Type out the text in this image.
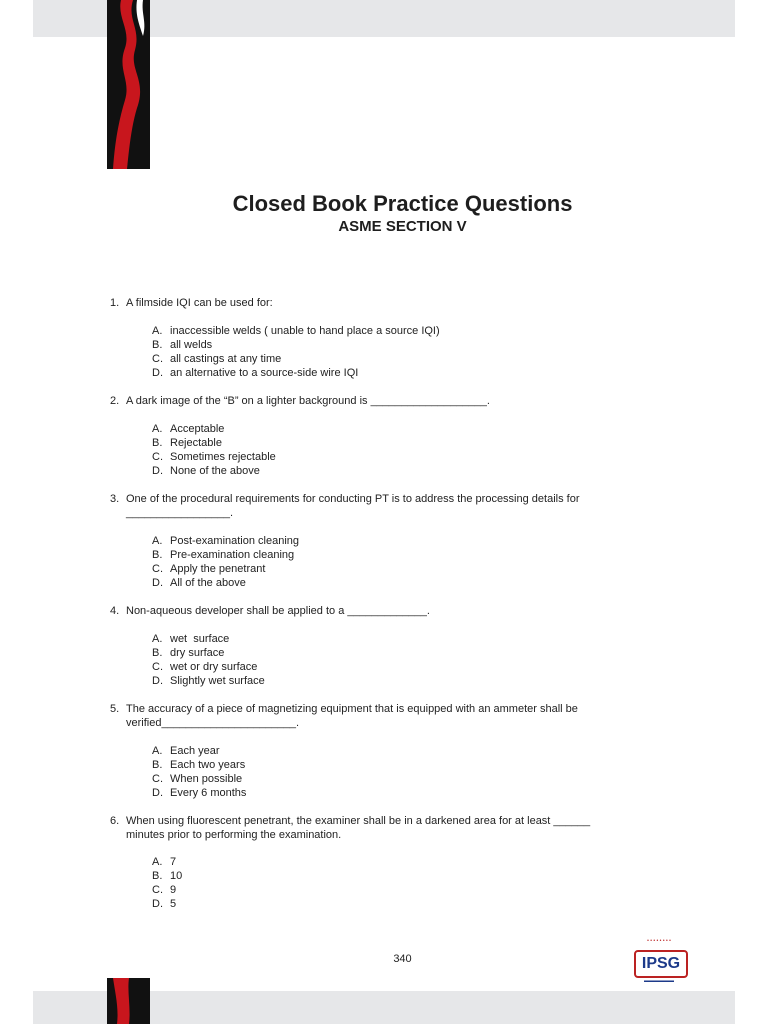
Closed Book Practice Questions
ASME SECTION V
1. A filmside IQI can be used for:
A. inaccessible welds ( unable to hand place a source IQI)
B. all welds
C. all castings at any time
D. an alternative to a source-side wire IQI
2. A dark image of the “B” on a lighter background is ___________________.
A. Acceptable
B. Rejectable
C. Sometimes rejectable
D. None of the above
3. One of the procedural requirements for conducting PT is to address the processing details for _________________.
A. Post-examination cleaning
B. Pre-examination cleaning
C. Apply the penetrant
D. All of the above
4. Non-aqueous developer shall be applied to a _____________.
A. wet  surface
B. dry surface
C. wet or dry surface
D. Slightly wet surface
5. The accuracy of a piece of magnetizing equipment that is equipped with an ammeter shall be verified______________________.
A. Each year
B. Each two years
C. When possible
D. Every 6 months
6. When using fluorescent penetrant, the examiner shall be in a darkened area for at least ______ minutes prior to performing the examination.
A. 7
B. 10
C. 9
D. 5
340
• • • • • • • •
IPSG
▬▬▬▬▬▬
